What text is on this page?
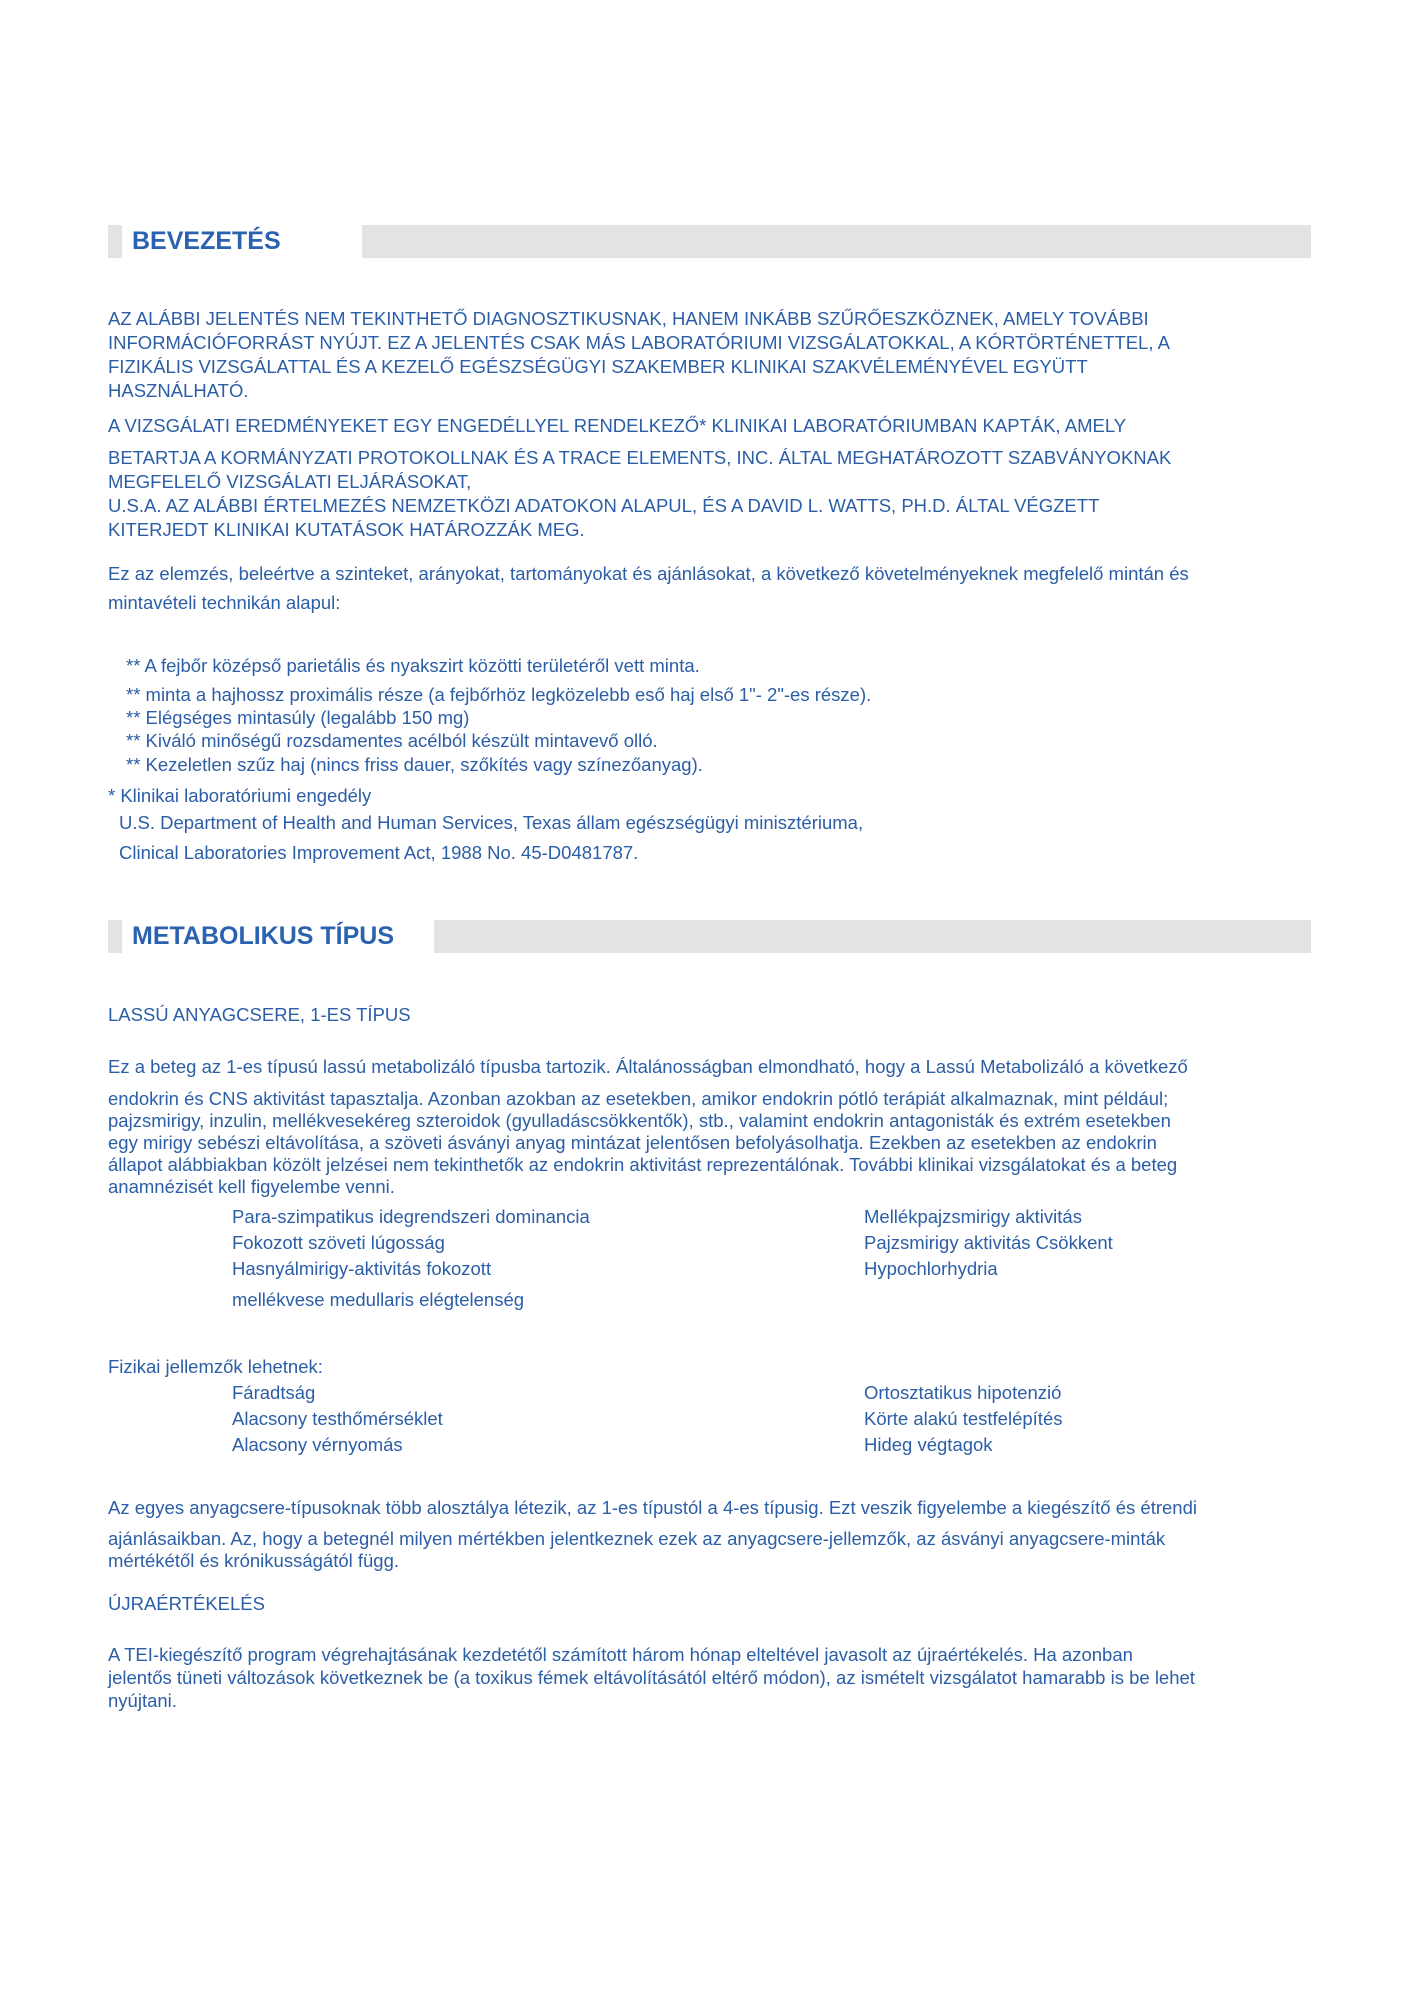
BEVEZETÉS
AZ ALÁBBI JELENTÉS NEM TEKINTHETŐ DIAGNOSZTIKUSNAK, HANEM INKÁBB SZŰRŐESZKÖZNEK, AMELY TOVÁBBI
INFORMÁCIÓFORRÁST NYÚJT. EZ A JELENTÉS CSAK MÁS LABORATÓRIUMI VIZSGÁLATOKKAL, A KÓRTÖRTÉNETTEL, A
FIZIKÁLIS VIZSGÁLATTAL ÉS A KEZELŐ EGÉSZSÉGÜGYI SZAKEMBER KLINIKAI SZAKVÉLEMÉNYÉVEL EGYÜTT
HASZNÁLHATÓ.
A VIZSGÁLATI EREDMÉNYEKET EGY ENGEDÉLLYEL RENDELKEZŐ* KLINIKAI LABORATÓRIUMBAN KAPTÁK, AMELY
BETARTJA A KORMÁNYZATI PROTOKOLLNAK ÉS A TRACE ELEMENTS, INC. ÁLTAL MEGHATÁROZOTT SZABVÁNYOKNAK
MEGFELELŐ VIZSGÁLATI ELJÁRÁSOKAT,
U.S.A. AZ ALÁBBI ÉRTELMEZÉS NEMZETKÖZI ADATOKON ALAPUL, ÉS A DAVID L. WATTS, PH.D. ÁLTAL VÉGZETT
KITERJEDT KLINIKAI KUTATÁSOK HATÁROZZÁK MEG.
Ez az elemzés, beleértve a szinteket, arányokat, tartományokat és ajánlásokat, a következő követelményeknek megfelelő mintán és
mintavételi technikán alapul:
** A fejbőr középső parietális és nyakszirt közötti területéről vett minta.
** minta a hajhossz proximális része (a fejbőrhöz legközelebb eső haj első 1"- 2"-es része).
** Elégséges mintasúly (legalább 150 mg)
** Kiváló minőségű rozsdamentes acélból készült mintavevő olló.
** Kezeletlen szűz haj (nincs friss dauer, szőkítés vagy színezőanyag).
* Klinikai laboratóriumi engedély
U.S. Department of Health and Human Services, Texas állam egészségügyi minisztériuma,
Clinical Laboratories Improvement Act, 1988 No. 45-D0481787.
METABOLIKUS TÍPUS
LASSÚ ANYAGCSERE, 1-ES TÍPUS
Ez a beteg az 1-es típusú lassú metabolizáló típusba tartozik. Általánosságban elmondható, hogy a Lassú Metabolizáló a következő
endokrin és CNS aktivitást tapasztalja. Azonban azokban az esetekben, amikor endokrin pótló terápiát alkalmaznak, mint például;
pajzsmirigy, inzulin, mellékvesekéreg szteroidok (gyulladáscsökkentők), stb., valamint endokrin antagonisták és extrém esetekben
egy mirigy sebészi eltávolítása, a szöveti ásványi anyag mintázat jelentősen befolyásolhatja. Ezekben az esetekben az endokrin
állapot alábbiakban közölt jelzései nem tekinthetők az endokrin aktivitást reprezentálónak. További klinikai vizsgálatokat és a beteg
anamnézisét kell figyelembe venni.
Para-szimpatikus idegrendszeri dominancia
Fokozott szöveti lúgosság
Hasnyálmirigy-aktivitás fokozott
mellékvese medullaris elégtelenség
Mellékpajzsmirigy aktivitás
Pajzsmirigy aktivitás Csökkent
Hypochlorhydria
Fizikai jellemzők lehetnek:
Fáradtság
Alacsony testhőmérséklet
Alacsony vérnyomás
Ortosztatikus hipotenzió
Körte alakú testfelépítés
Hideg végtagok
Az egyes anyagcsere-típusoknak több alosztálya létezik, az 1-es típustól a 4-es típusig. Ezt veszik figyelembe a kiegészítő és étrendi
ajánlásaikban. Az, hogy a betegnél milyen mértékben jelentkeznek ezek az anyagcsere-jellemzők, az ásványi anyagcsere-minták
mértékétől és krónikusságától függ.
ÚJRAÉRTÉKELÉS
A TEI-kiegészítő program végrehajtásának kezdetétől számított három hónap elteltével javasolt az újraértékelés. Ha azonban
jelentős tüneti változások következnek be (a toxikus fémek eltávolításától eltérő módon), az ismételt vizsgálatot hamarabb is be lehet
nyújtani.
